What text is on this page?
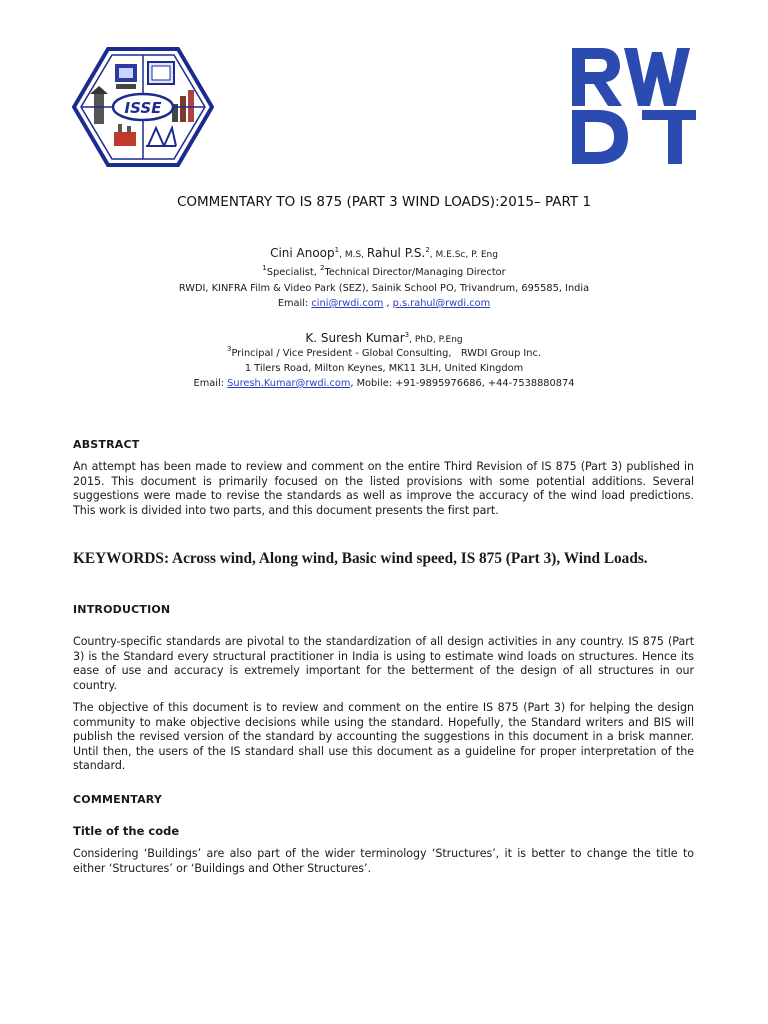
ISSE
COMMENTARY TO IS 875 (PART 3 WIND LOADS):2015– PART 1
Cini Anoop$^1$, M.S, Rahul P.S.$^2$, M.E.Sc, P. Eng
$^1$Specialist, $^2$Technical Director/Managing Director
RWDI, KINFRA Film & Video Park (SEZ), Sainik School PO, Trivandrum, 695585, India
Email: cini@rwdi.com , p.s.rahul@rwdi.com
K. Suresh Kumar$^3$, PhD, P.Eng
$^3$Principal / Vice President - Global Consulting,   RWDI Group Inc.
1 Tilers Road, Milton Keynes, MK11 3LH, United Kingdom
Email: Suresh.Kumar@rwdi.com, Mobile: +91-9895976686, +44-7538880874
ABSTRACT
An attempt has been made to review and comment on the entire Third Revision of IS 875 (Part 3) published in 2015. This document is primarily focused on the listed provisions with some potential additions. Several suggestions were made to revise the standards as well as improve the accuracy of the wind load predictions. This work is divided into two parts, and this document presents the first part.
KEYWORDS: Across wind, Along wind, Basic wind speed, IS 875 (Part 3), Wind Loads.
INTRODUCTION
Country-specific standards are pivotal to the standardization of all design activities in any country. IS 875 (Part 3) is the Standard every structural practitioner in India is using to estimate wind loads on structures. Hence its ease of use and accuracy is extremely important for the betterment of the design of all structures in our country.
The objective of this document is to review and comment on the entire IS 875 (Part 3) for helping the design community to make objective decisions while using the standard. Hopefully, the Standard writers and BIS will publish the revised version of the standard by accounting the suggestions in this document in a brisk manner. Until then, the users of the IS standard shall use this document as a guideline for proper interpretation of the standard.
COMMENTARY
Title of the code
Considering ‘Buildings’ are also part of the wider terminology ‘Structures’, it is better to change the title to either ‘Structures’ or ‘Buildings and Other Structures’.
